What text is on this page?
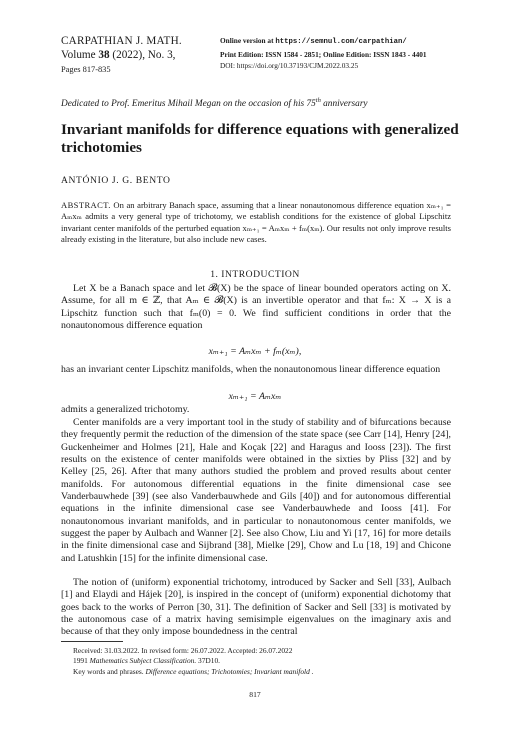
CARPATHIAN J. MATH.
Volume 38 (2022), No. 3,
Pages 817-835
Online version at https://semnul.com/carpathian/
Print Edition: ISSN 1584 - 2851; Online Edition: ISSN 1843 - 4401
DOI: https://doi.org/10.37193/CJM.2022.03.25
Dedicated to Prof. Emeritus Mihail Megan on the occasion of his 75th anniversary
Invariant manifolds for difference equations with generalized trichotomies
ANTÓNIO J. G. BENTO
ABSTRACT. On an arbitrary Banach space, assuming that a linear nonautonomous difference equation xₘ₊₁ = Aₘxₘ admits a very general type of trichotomy, we establish conditions for the existence of global Lipschitz invariant center manifolds of the perturbed equation xₘ₊₁ = Aₘxₘ + fₘ(xₘ). Our results not only improve results already existing in the literature, but also include new cases.
1. INTRODUCTION

Let X be a Banach space and let 𝓑(X) be the space of linear bounded operators acting on X. Assume, for all m ∈ ℤ, that Aₘ ∈ 𝓑(X) is an invertible operator and that fₘ: X → X is a Lipschitz function such that fₘ(0) = 0. We find sufficient conditions in order that the nonautonomous difference equation

xₘ₊₁ = Aₘxₘ + fₘ(xₘ),

has an invariant center Lipschitz manifolds, when the nonautonomous linear difference equation

xₘ₊₁ = Aₘxₘ

admits a generalized trichotomy.

Center manifolds are a very important tool in the study of stability and of bifurcations because they frequently permit the reduction of the dimension of the state space (see Carr [14], Henry [24], Guckenheimer and Holmes [21], Hale and Koçak [22] and Haragus and Iooss [23]). The first results on the existence of center manifolds were obtained in the sixties by Pliss [32] and by Kelley [25, 26]. After that many authors studied the problem and proved results about center manifolds. For autonomous differential equations in the finite dimensional case see Vanderbauwhede [39] (see also Vanderbauwhede and Gils [40]) and for autonomous differential equations in the infinite dimensional case see Vanderbauwhede and Iooss [41]. For nonautonomous invariant manifolds, and in particular to nonautonomous center manifolds, we suggest the paper by Aulbach and Wanner [2]. See also Chow, Liu and Yi [17, 16] for more details in the finite dimensional case and Sijbrand [38], Mielke [29], Chow and Lu [18, 19] and Chicone and Latushkin [15] for the infinite dimensional case.

The notion of (uniform) exponential trichotomy, introduced by Sacker and Sell [33], Aulbach [1] and Elaydi and Hájek [20], is inspired in the concept of (uniform) exponential dichotomy that goes back to the works of Perron [30, 31]. The definition of Sacker and Sell [33] is motivated by the autonomous case of a matrix having semisimple eigenvalues on the imaginary axis and because of that they only impose boundedness in the central

Received: 31.03.2022. In revised form: 26.07.2022. Accepted: 26.07.2022
1991 Mathematics Subject Classification. 37D10.
Key words and phrases. Difference equations; Trichotomies; Invariant manifold .
817
